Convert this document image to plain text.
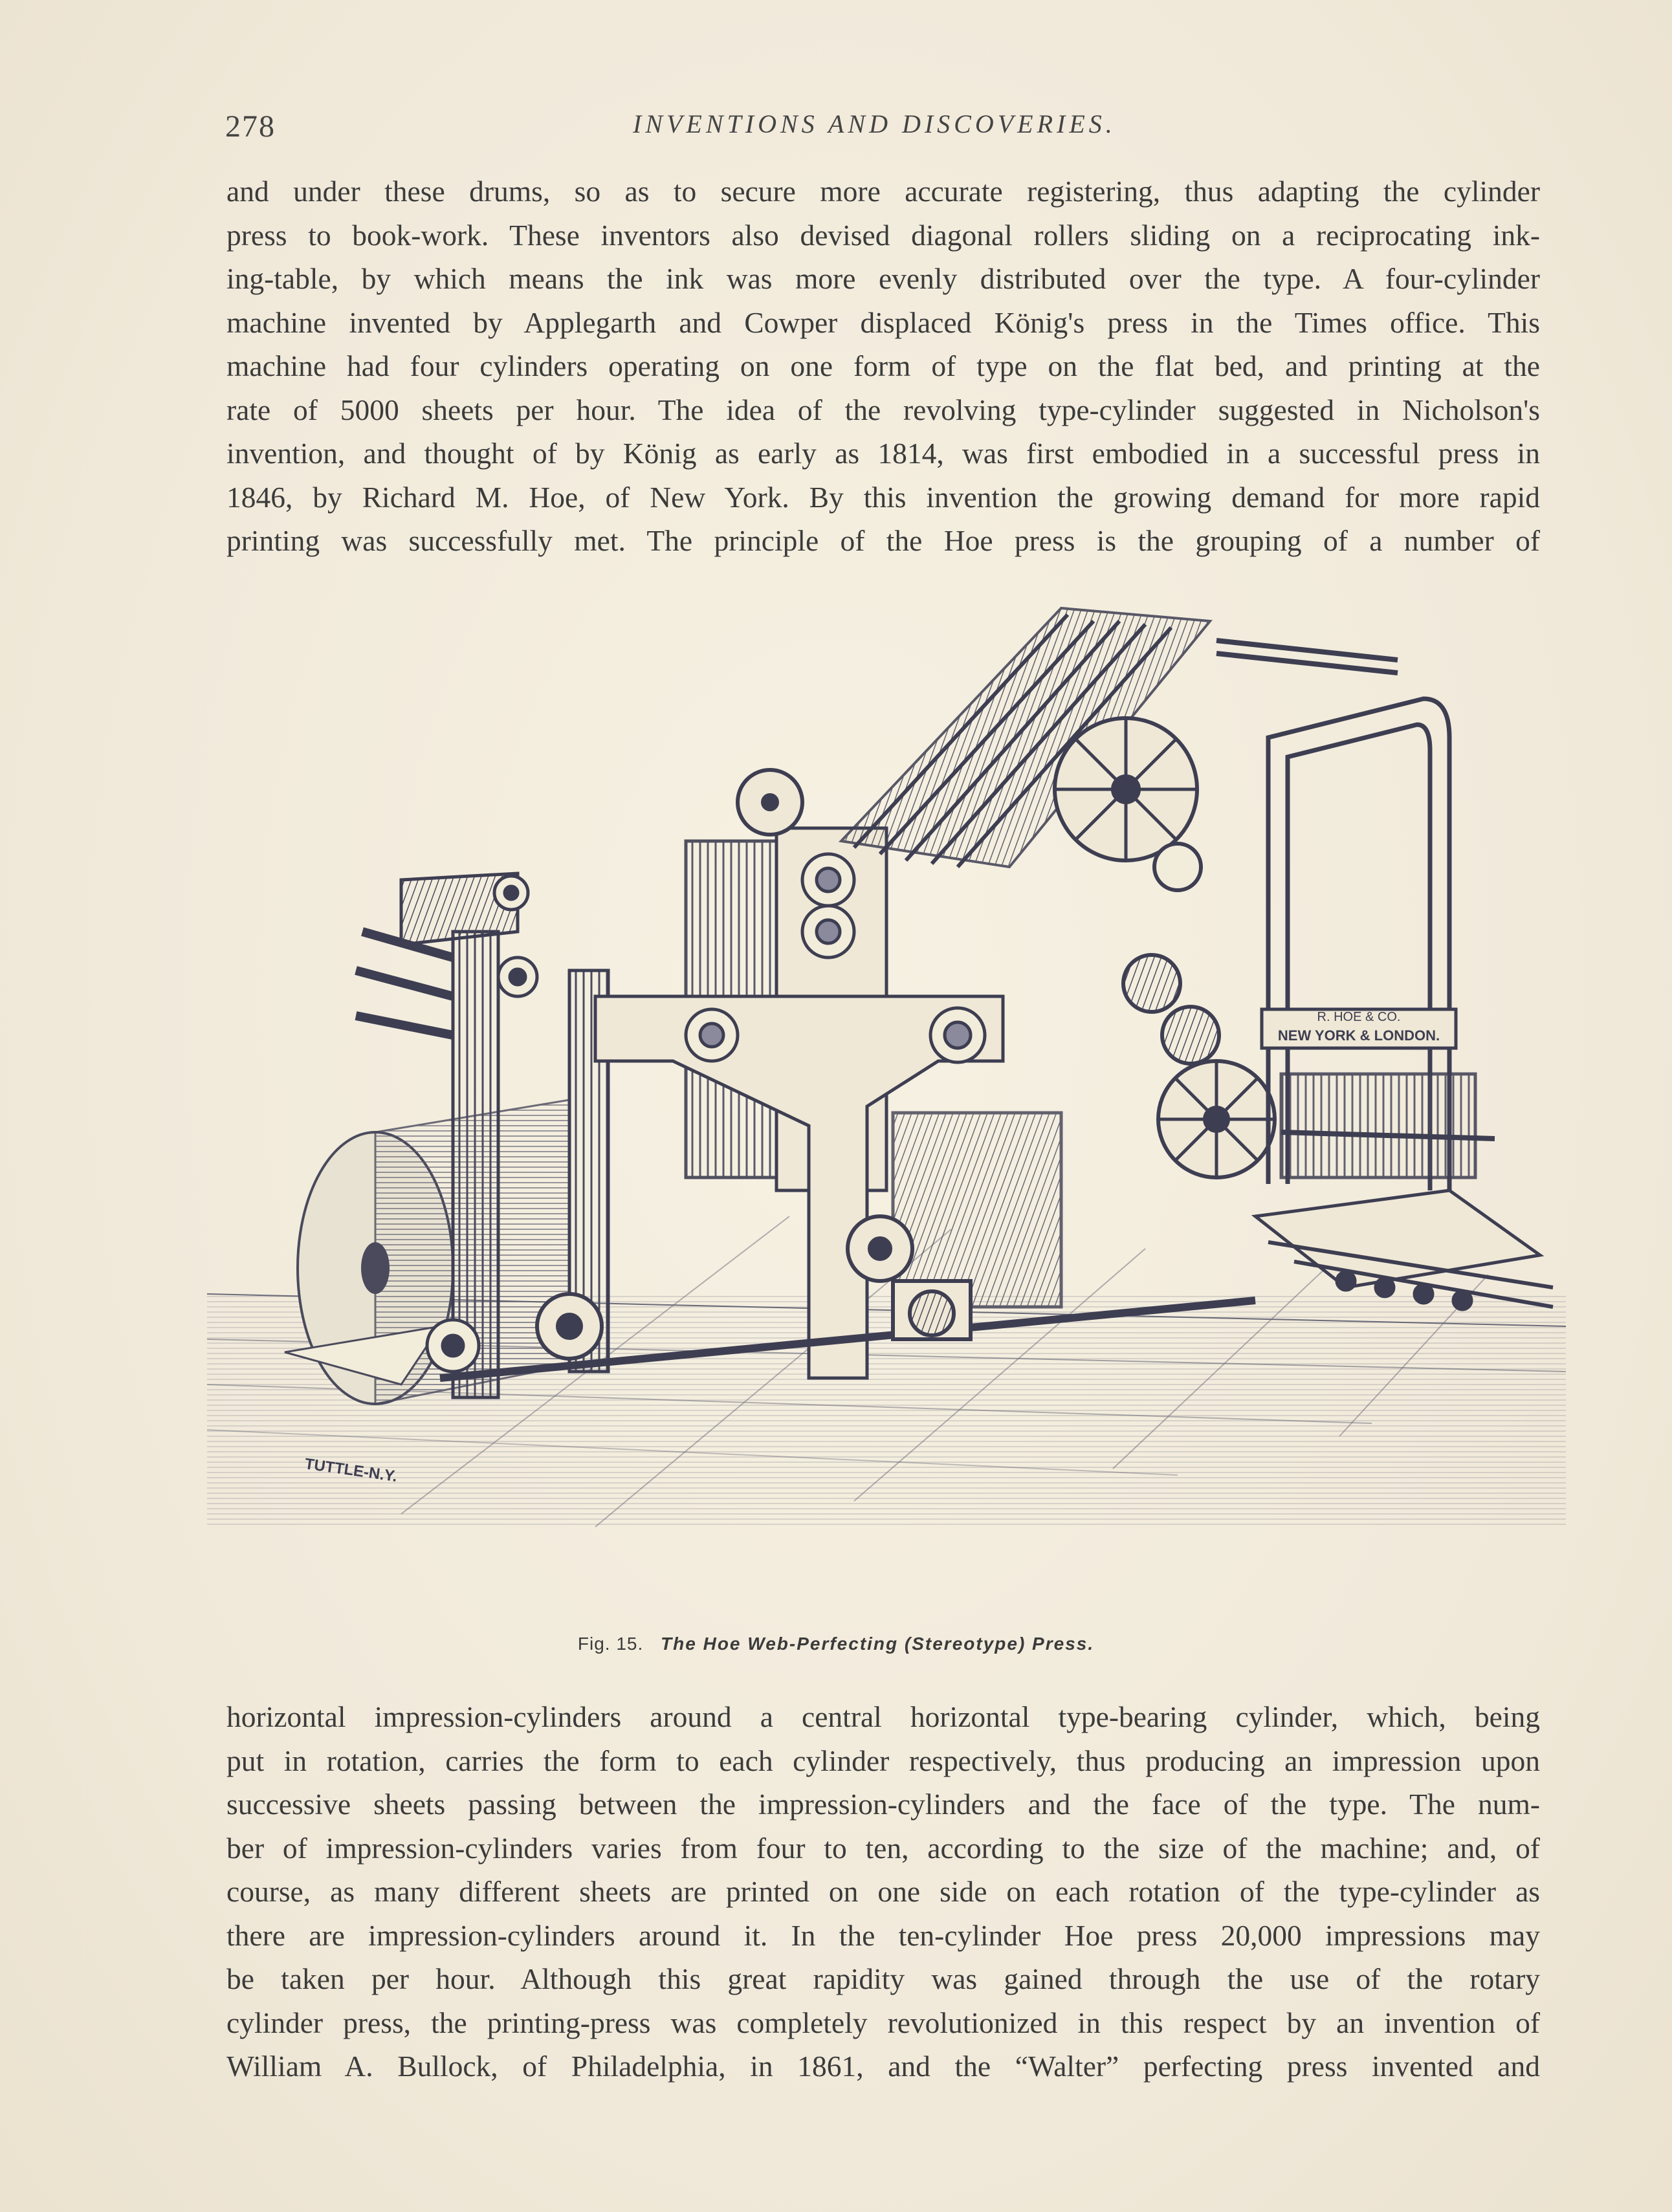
278	INVENTIONS AND DISCOVERIES.
and under these drums, so as to secure more accurate registering, thus adapting the cylinder
press to book-work. These inventors also devised diagonal rollers sliding on a reciprocating ink-
ing-table, by which means the ink was more evenly distributed over the type. A four-cylinder
machine invented by Applegarth and Cowper displaced König's press in the Times office. This
machine had four cylinders operating on one form of type on the flat bed, and printing at the
rate of 5000 sheets per hour. The idea of the revolving type-cylinder suggested in Nicholson's
invention, and thought of by König as early as 1814, was first embodied in a successful press in
1846, by Richard M. Hoe, of New York. By this invention the growing demand for more rapid
printing was successfully met. The principle of the Hoe press is the grouping of a number of
R. HOE & CO.
NEW YORK & LONDON.
TUTTLE-N.Y.
Fig. 15. The Hoe Web-Perfecting (Stereotype) Press.
horizontal impression-cylinders around a central horizontal type-bearing cylinder, which, being
put in rotation, carries the form to each cylinder respectively, thus producing an impression upon
successive sheets passing between the impression-cylinders and the face of the type. The num-
ber of impression-cylinders varies from four to ten, according to the size of the machine; and, of
course, as many different sheets are printed on one side on each rotation of the type-cylinder as
there are impression-cylinders around it. In the ten-cylinder Hoe press 20,000 impressions may
be taken per hour. Although this great rapidity was gained through the use of the rotary
cylinder press, the printing-press was completely revolutionized in this respect by an invention of
William A. Bullock, of Philadelphia, in 1861, and the “Walter” perfecting press invented and
